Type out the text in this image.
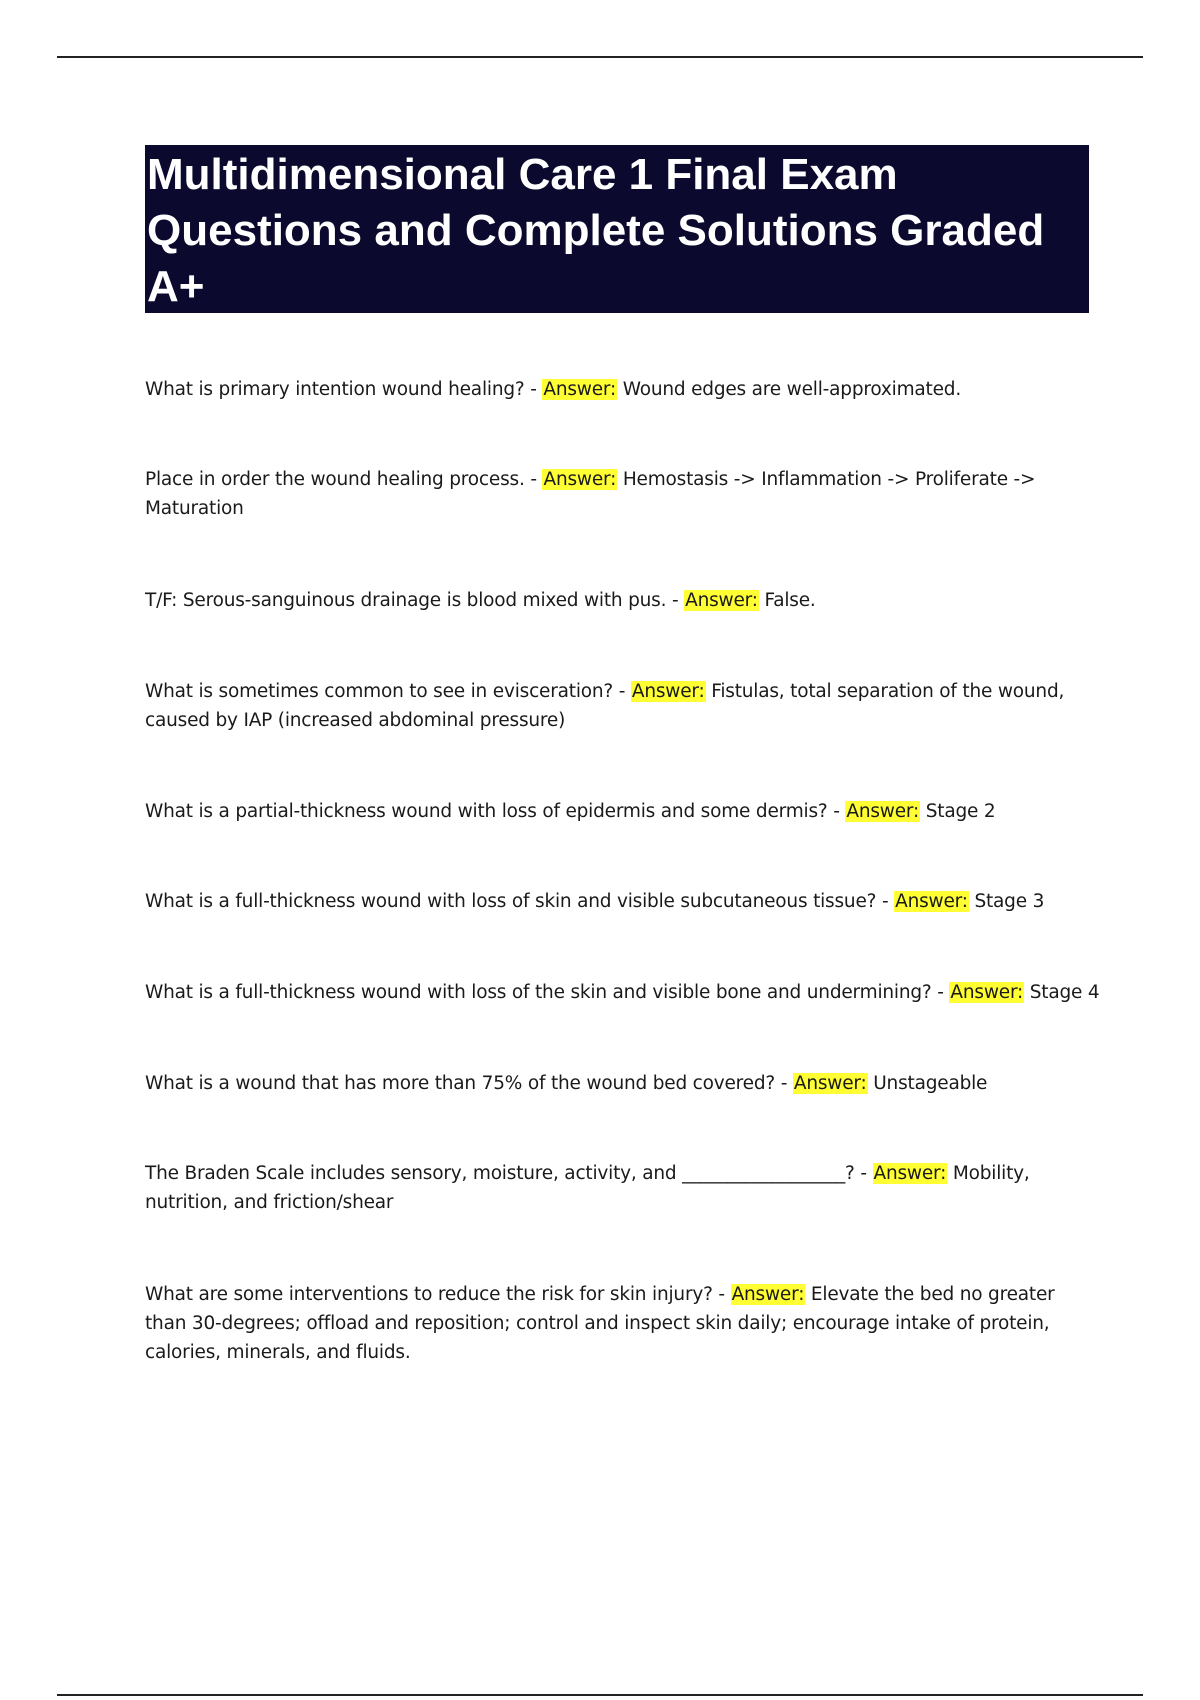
Multidimensional Care 1 Final Exam Questions and Complete Solutions Graded A+

What is primary intention wound healing? - Answer: Wound edges are well-approximated.

Place in order the wound healing process. - Answer: Hemostasis -> Inflammation -> Proliferate -> Maturation

T/F: Serous-sanguinous drainage is blood mixed with pus. - Answer: False.

What is sometimes common to see in evisceration? - Answer: Fistulas, total separation of the wound, caused by IAP (increased abdominal pressure)

What is a partial-thickness wound with loss of epidermis and some dermis? - Answer: Stage 2

What is a full-thickness wound with loss of skin and visible subcutaneous tissue? - Answer: Stage 3

What is a full-thickness wound with loss of the skin and visible bone and undermining? - Answer: Stage 4

What is a wound that has more than 75% of the wound bed covered? - Answer: Unstageable

The Braden Scale includes sensory, moisture, activity, and __________________? - Answer: Mobility, nutrition, and friction/shear

What are some interventions to reduce the risk for skin injury? - Answer: Elevate the bed no greater than 30-degrees; offload and reposition; control and inspect skin daily; encourage intake of protein, calories, minerals, and fluids.
